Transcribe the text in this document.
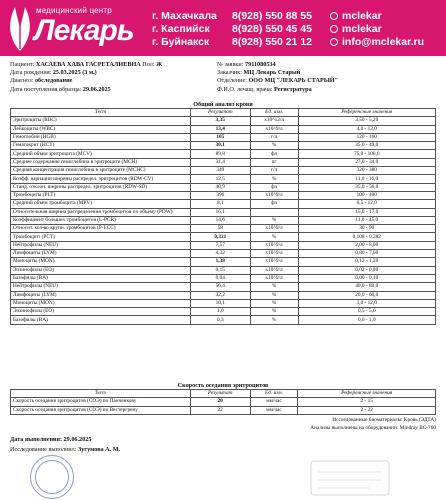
медицинский центр
Лекарь г. Махачкала
г. Каспийск
г. Буйнакск
8(928) 550 88 55
8(928) 550 45 45
8(928) 550 21 12
mclekar
mclekar
info@mclekar.ru
Пациент: ХАСАЕВА ХАВА ГАСРЕТАЛИЕВНА Пол: Ж	№ заявки: 7911080534
Дата рождения: 25.03.2025 (3 м.)	Заказчик: МЦ Лекарь Старый
Диагноз: обследование	Отделение: ООО МЦ "ЛЕКАРЬ СТАРЫЙ"
Дата поступления образца: 29.06.2025	Ф.И.О. лечащ. врача: Регистратура
Общий анализ крови			
Тест	Результат	Ед. изм.	Референсные значения
Эритроциты (RBC)	3,35	х10^12/л	3,50 - 5,20
Лейкоциты (WBC)	13,4	х10^9/л	4,0 - 12,0
Гемоглобин (HGB)	105	г/л	120 - 160
Гематокрит (HCT)	30,1	%	35,0 - 49,0
Средний объем эритроцита (MCV)	89,8	фл	75,0 - 100,0
Среднее содержание гемоглобина в эритроците (MCH)	31,4	пг	27,0 - 34,0
Средняя концентрация гемоглобина в эритроците (MCHC)	349	г/л	320 - 380
Коэфф. вариации ширины распредел. эритроцитов (RDW-CV)	12,5	%	11,0 - 16,0
Станд. отклон. ширины распредел. эритроцитов (RDW-SD)	40,9	фл	35,0 - 56,0
Тромбоциты (PLT)	396	х10^9/л	100 - 400
Средний объем тромбоцита (MPV)	8,1	фл	6,5 - 12,0
Относительная ширина распределения тромбоцитов по объему (PDW)	16,1		15,0 - 17,0
Коэффициент больших тромбоцитов (L-PCR)	14,6	%	11,0 - 45,0
Относит. кол-во крупн. тромбоцитов (P-LCC)	58	х10^9/л	30 - 90
Тромбокрит (PCT)	0,321	%	0,108 - 0,282
Нейтрофилы (NEU)	7,57	х10^9/л	2,00 - 8,00
Лимфоциты (LYM)	4,32	х10^9/л	0,80 - 7,00
Моноциты (MON)	1,38	х10^9/л	0,12 - 1,20
Эозинофилы (EO)	0,15	х10^9/л	0,02 - 0,80
Базофилы (BA)	0,04	х10^9/л	0,00 - 0,10
Нейтрофилы (NEU)	56,4	%	40,0 - 80,0
Лимфоциты (LYM)	32,2	%	20,0 - 60,0
Моноциты (MON)	10,1	%	3,0 - 12,0
Эозинофилы (EO)	1,0	%	0,5 - 5,0
Базофилы (BA)	0,3	%	0,0 - 1,0
Скорость оседания эритроцитов			
Тест	Результат	Ед. изм.	Референсные значения
Скорость оседания эритроцитов (СОЭ) по Панченкову	20	мм/час	2 - 15
Скорость оседания эритроцитов (СОЭ) по Вестергрену	22	мм/час	2 - 22
Исследованные биоматериалы: Кровь (ЭДТА)
Анализы выполнены на оборудовании: Mindray BC-760
Дата выполнения: 29.06.2025
Исследование выполнил: Зугумова А. М.
